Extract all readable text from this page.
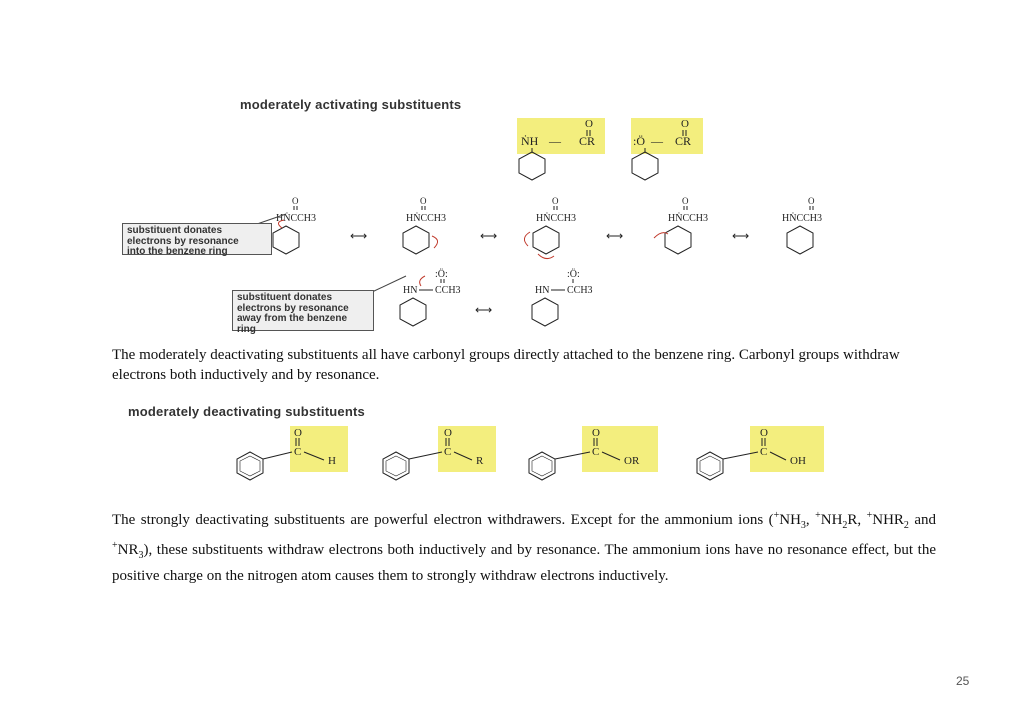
moderately activating substituents
O
ṄH — CR
O
:Ö — CR
O
HṄCCH3
⟷
O
HṄCCH3
⟷
O
HṄCCH3
⟷
O
HṄCCH3
⟷
O
HṄCCH3
substituent donates
electrons by resonance
into the benzene ring
:Ö:
HN CCH3
⟷
:Ö:
HN CCH3
substituent donates
electrons by resonance
away from the benzene
ring
The moderately deactivating substituents all have carbonyl groups directly attached to the benzene ring. Carbonyl groups withdraw electrons both inductively and by resonance.
moderately deactivating substituents
O
C
H
O
C
R
O
C
OR
O
C
OH
The strongly deactivating substituents are powerful electron withdrawers. Except for the ammonium ions ($^+NH_3$, $^+NH_2R$, $^+NHR_2$ and $^+NR_3$), these substituents withdraw electrons both inductively and by resonance. The ammonium ions have no resonance effect, but the positive charge on the nitrogen atom causes them to strongly withdraw electrons inductively.
25
